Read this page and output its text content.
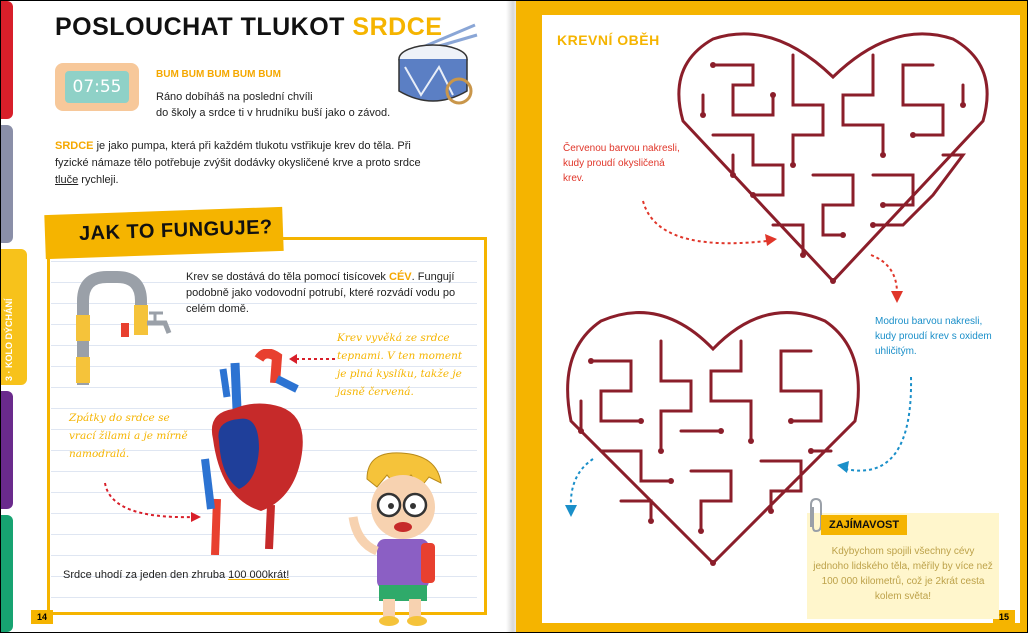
3 · KOLO DÝCHÁNÍ
POSLOUCHAT TLUKOT SRDCE
07:55
BUM BUM BUM BUM BUM
Ráno dobíháš na poslední chvíli
do školy a srdce ti v hrudníku buší jako o závod.
SRDCE je jako pumpa, která při každém tlukotu vstřikuje krev do těla. Při fyzické námaze tělo potřebuje zvýšit dodávky okysličené krve a proto srdce tluče rychleji.
JAK TO FUNGUJE?
Krev se dostává do těla pomocí tisícovek CÉV. Fungují podobně jako vodovodní potrubí, které rozvádí vodu po celém domě.
Krev vyvěká ze srdce tepnami. V ten moment je plná kyslíku, takže je jasně červená.
Zpátky do srdce se vrací žilami a je mírně namodralá.
Srdce uhodí za jeden den zhruba 100 000krát!
14	15
KREVNÍ OBĚH
Červenou barvou nakresli, kudy proudí okysličená krev.
Modrou barvou nakresli, kudy proudí krev s oxidem uhličitým.
ZAJÍMAVOST
Kdybychom spojili všechny cévy jednoho lidského těla, měřily by více než 100 000 kilometrů, což je 2krát cesta kolem světa!
